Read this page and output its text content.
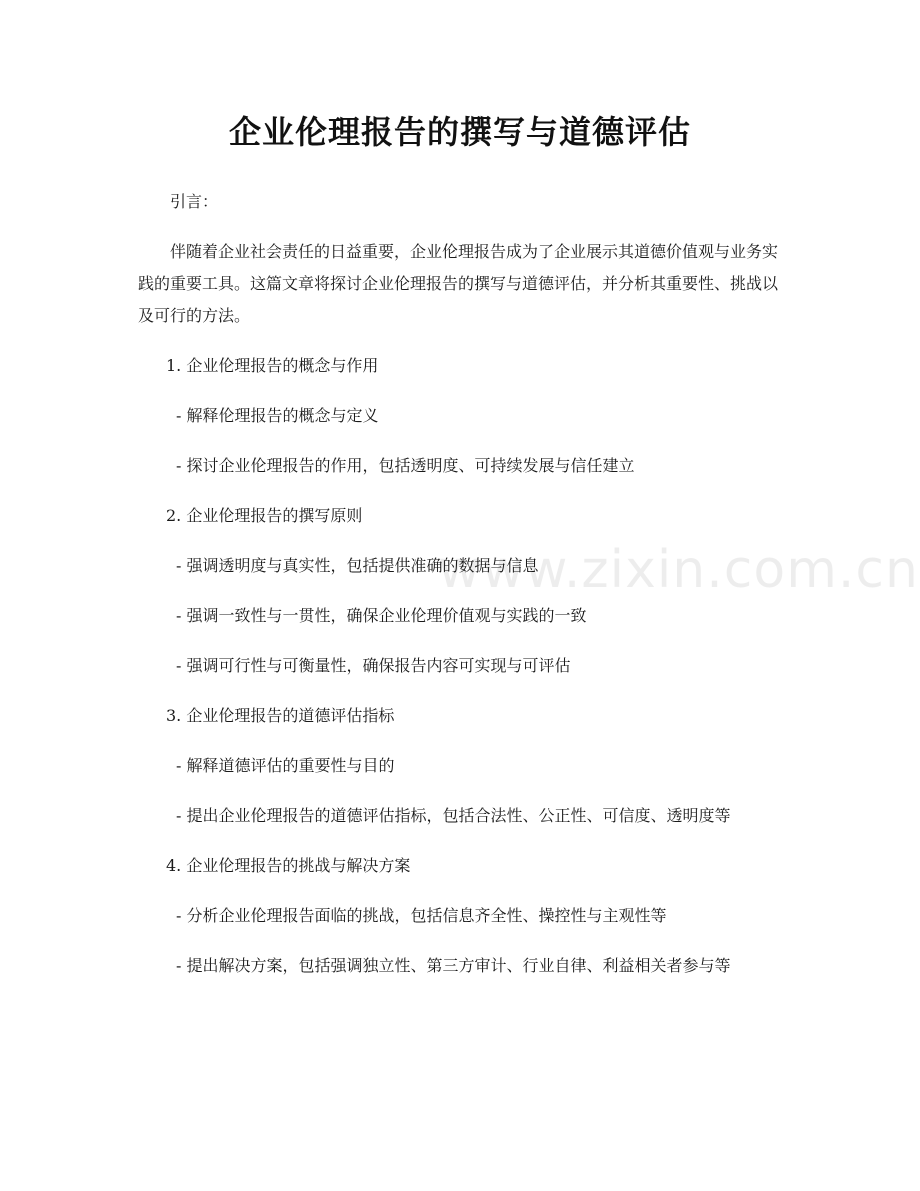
企业伦理报告的撰写与道德评估
www.zixin.com.cn

引言：

伴随着企业社会责任的日益重要，企业伦理报告成为了企业展示其道德价值观与业务实践的重要工具。这篇文章将探讨企业伦理报告的撰写与道德评估，并分析其重要性、挑战以及可行的方法。

1. 企业伦理报告的概念与作用

- 解释伦理报告的概念与定义

- 探讨企业伦理报告的作用，包括透明度、可持续发展与信任建立

2. 企业伦理报告的撰写原则

- 强调透明度与真实性，包括提供准确的数据与信息

- 强调一致性与一贯性，确保企业伦理价值观与实践的一致

- 强调可行性与可衡量性，确保报告内容可实现与可评估

3. 企业伦理报告的道德评估指标

- 解释道德评估的重要性与目的

- 提出企业伦理报告的道德评估指标，包括合法性、公正性、可信度、透明度等

4. 企业伦理报告的挑战与解决方案

- 分析企业伦理报告面临的挑战，包括信息齐全性、操控性与主观性等

- 提出解决方案，包括强调独立性、第三方审计、行业自律、利益相关者参与等
